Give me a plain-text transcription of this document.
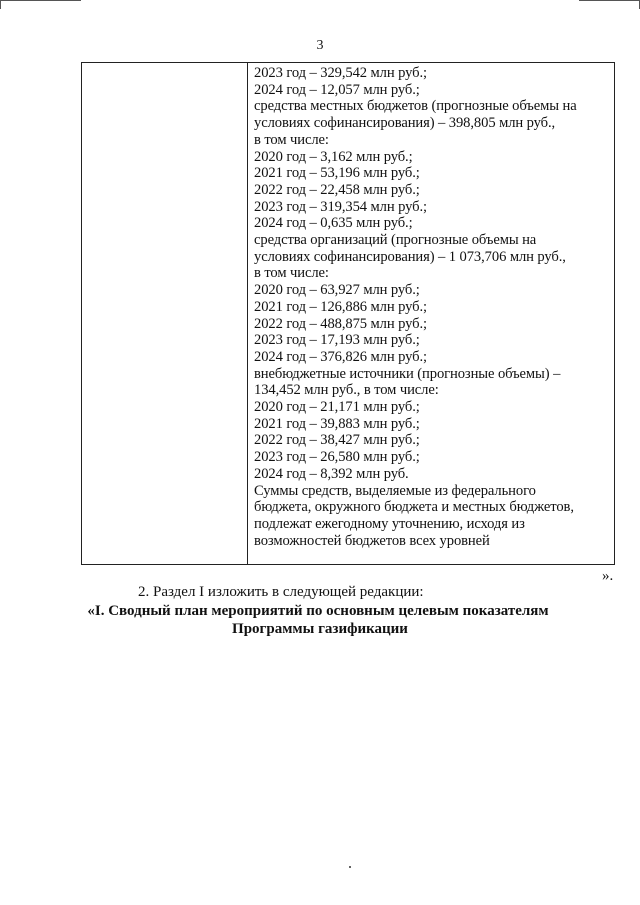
3
2023 год – 329,542 млн руб.;
2024 год – 12,057 млн руб.;
средства местных бюджетов (прогнозные объемы на
условиях софинансирования) – 398,805 млн руб.,
в том числе:
2020 год – 3,162 млн руб.;
2021 год – 53,196 млн руб.;
2022 год – 22,458 млн руб.;
2023 год – 319,354 млн руб.;
2024 год – 0,635 млн руб.;
средства организаций (прогнозные объемы на
условиях софинансирования) – 1 073,706 млн руб.,
в том числе:
2020 год – 63,927 млн руб.;
2021 год – 126,886 млн руб.;
2022 год – 488,875 млн руб.;
2023 год – 17,193 млн руб.;
2024 год – 376,826 млн руб.;
внебюджетные источники (прогнозные объемы) –
134,452 млн руб., в том числе:
2020 год – 21,171 млн руб.;
2021 год – 39,883 млн руб.;
2022 год – 38,427 млн руб.;
2023 год – 26,580 млн руб.;
2024 год – 8,392 млн руб.
Суммы средств, выделяемые из федерального
бюджета, окружного бюджета и местных бюджетов,
подлежат ежегодному уточнению, исходя из
возможностей бюджетов всех уровней
».
2. Раздел I изложить в следующей редакции:
«I. Сводный план мероприятий по основным целевым показателям
Программы газификации
